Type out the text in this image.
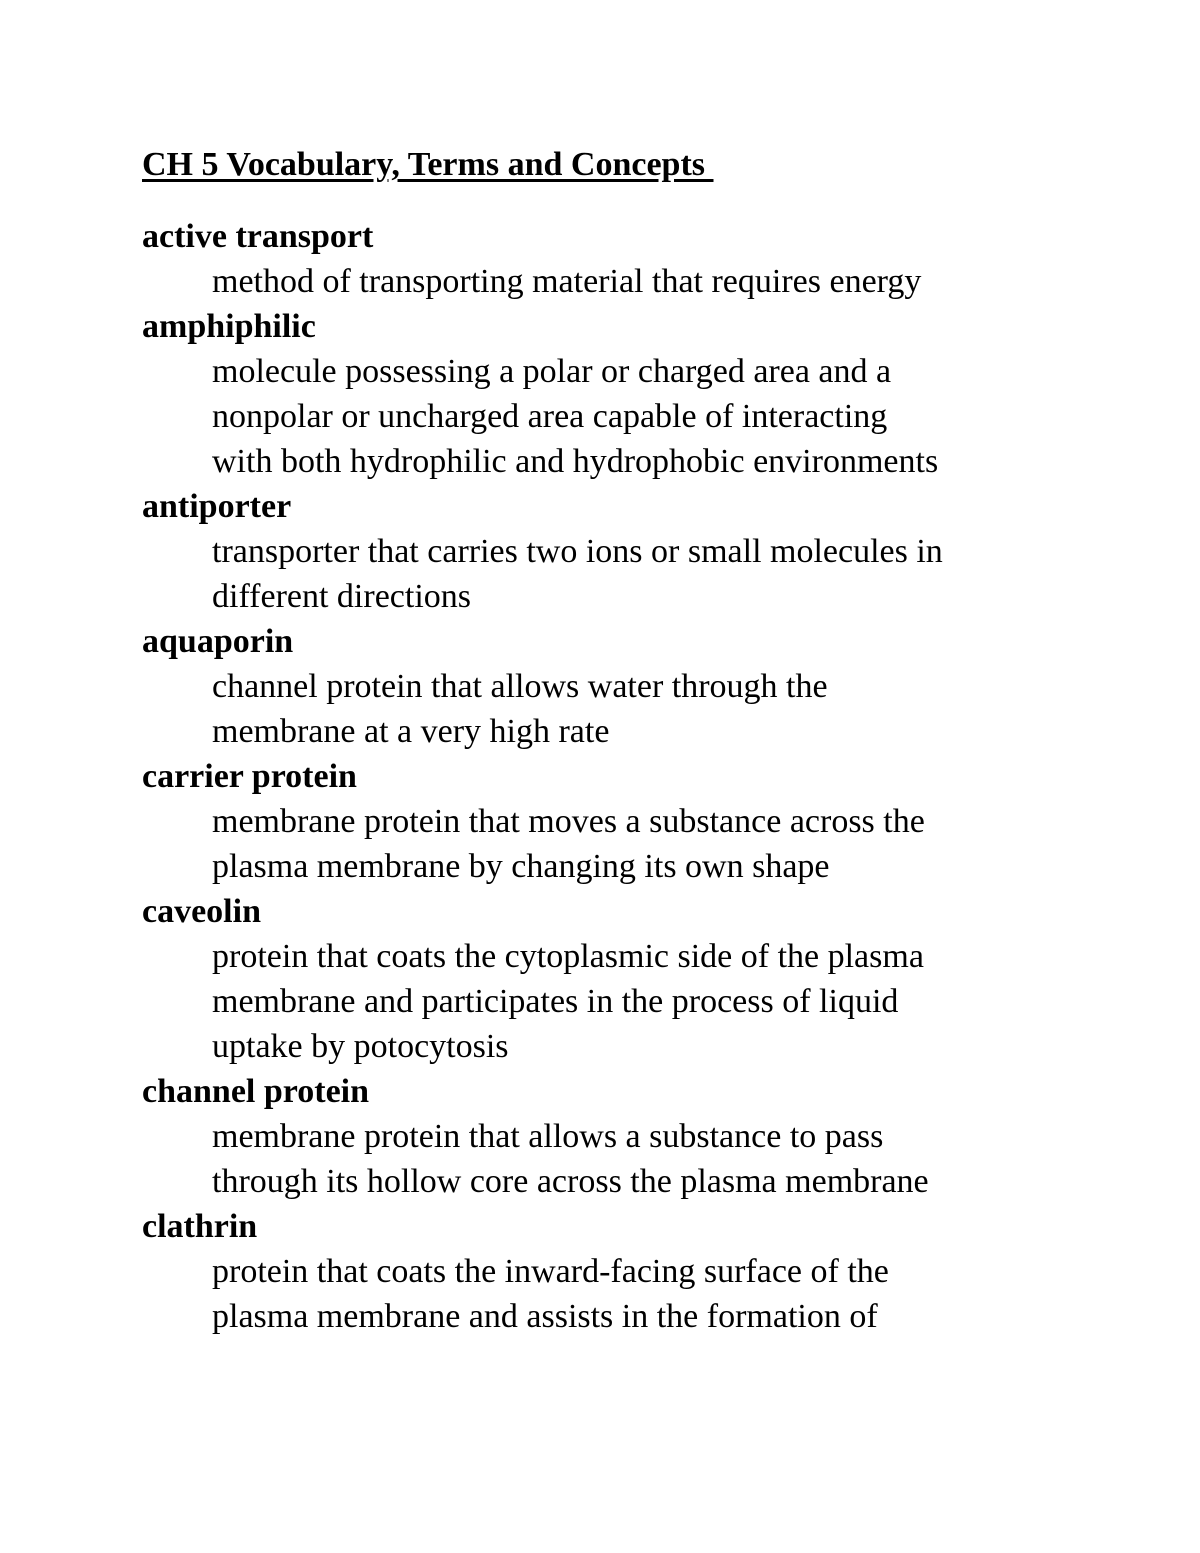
CH 5 Vocabulary, Terms and Concepts
active transport
method of transporting material that requires energy
amphiphilic
molecule possessing a polar or charged area and a
nonpolar or uncharged area capable of interacting
with both hydrophilic and hydrophobic environments
antiporter
transporter that carries two ions or small molecules in
different directions
aquaporin
channel protein that allows water through the
membrane at a very high rate
carrier protein
membrane protein that moves a substance across the
plasma membrane by changing its own shape
caveolin
protein that coats the cytoplasmic side of the plasma
membrane and participates in the process of liquid
uptake by potocytosis
channel protein
membrane protein that allows a substance to pass
through its hollow core across the plasma membrane
clathrin
protein that coats the inward-facing surface of the
plasma membrane and assists in the formation of
